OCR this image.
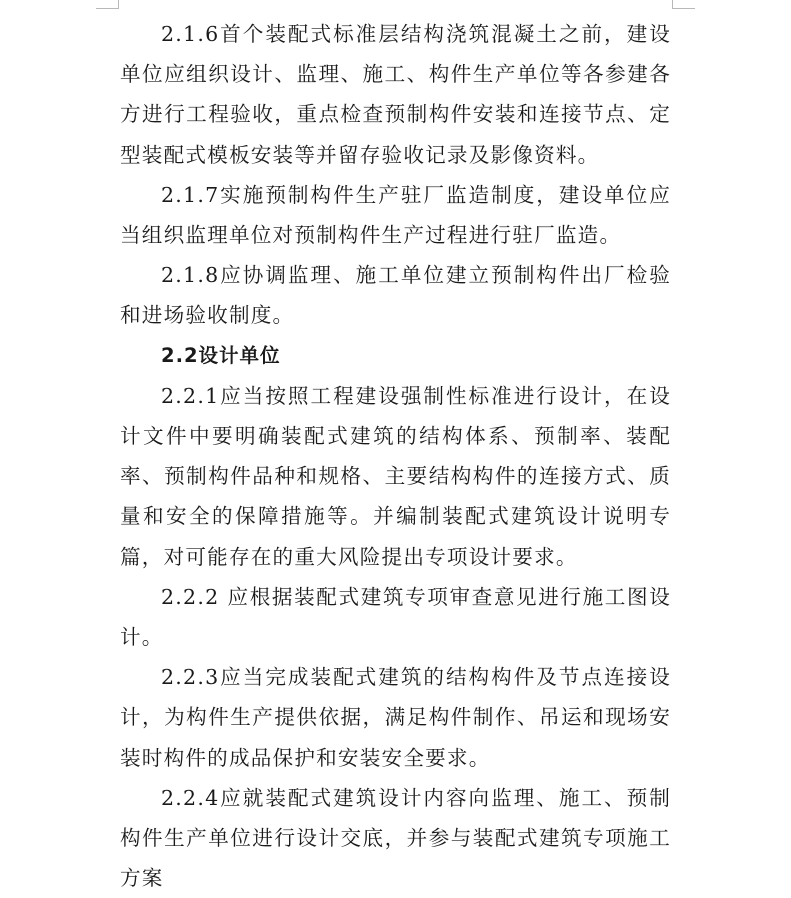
2.1.6首个装配式标准层结构浇筑混凝土之前，建设单位应组织设计、监理、施工、构件生产单位等各参建各方进行工程验收，重点检查预制构件安装和连接节点、定型装配式模板安装等并留存验收记录及影像资料。

2.1.7实施预制构件生产驻厂监造制度，建设单位应当组织监理单位对预制构件生产过程进行驻厂监造。

2.1.8应协调监理、施工单位建立预制构件出厂检验和进场验收制度。

2.2设计单位

2.2.1应当按照工程建设强制性标准进行设计，在设计文件中要明确装配式建筑的结构体系、预制率、装配率、预制构件品种和规格、主要结构构件的连接方式、质量和安全的保障措施等。并编制装配式建筑设计说明专篇，对可能存在的重大风险提出专项设计要求。

2.2.2 应根据装配式建筑专项审查意见进行施工图设计。

2.2.3应当完成装配式建筑的结构构件及节点连接设计，为构件生产提供依据，满足构件制作、吊运和现场安装时构件的成品保护和安装安全要求。

2.2.4应就装配式建筑设计内容向监理、施工、预制构件生产单位进行设计交底，并参与装配式建筑专项施工方案
